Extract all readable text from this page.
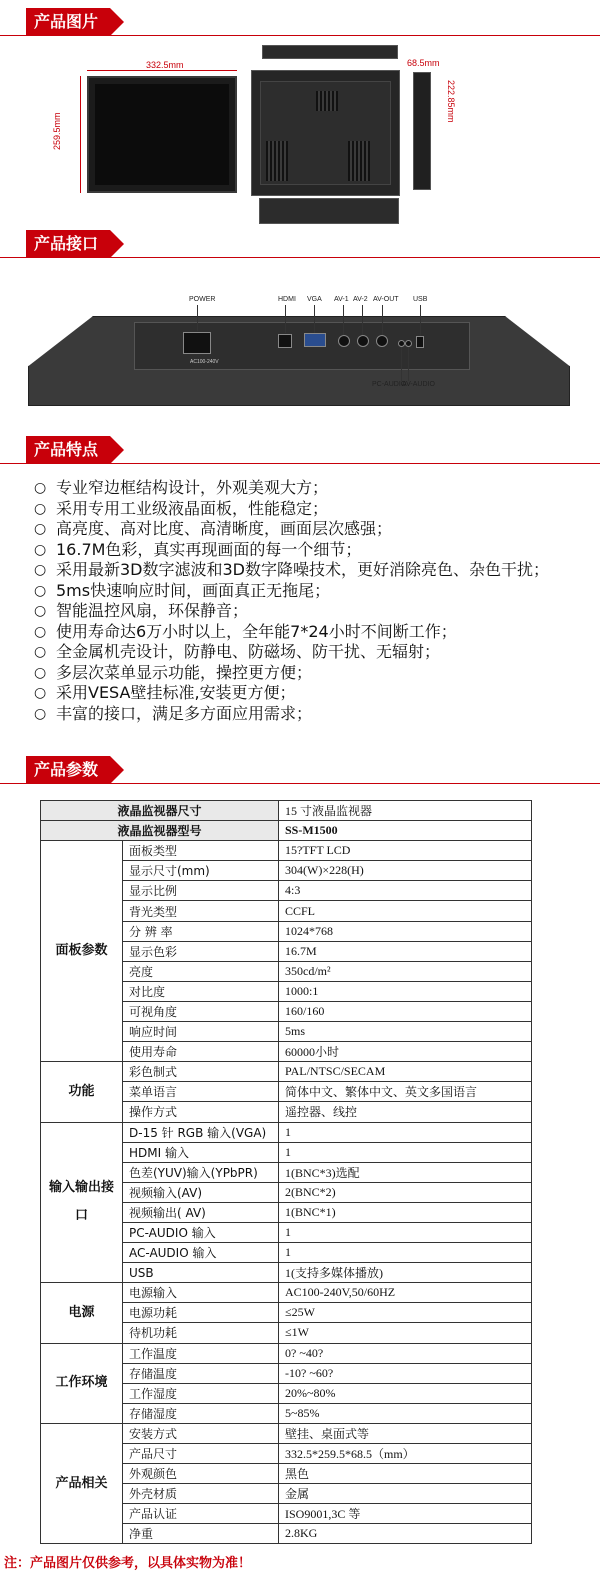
产品图片
332.5mm
259.5mm
68.5mm
222.85mm
产品接口
POWER	HDMI VGA AV-1 AV-2 AV-OUT USB
AC100-240V
PC-AUDIO
AV-AUDIO
产品特点
○ 专业窄边框结构设计，外观美观大方；
○ 采用专用工业级液晶面板，性能稳定；
○ 高亮度、高对比度、高清晰度，画面层次感强；
○ 16.7M色彩，真实再现画面的每一个细节；
○ 采用最新3D数字滤波和3D数字降噪技术，更好消除亮色、杂色干扰；
○ 5ms快速响应时间，画面真正无拖尾；
○ 智能温控风扇，环保静音；
○ 使用寿命达6万小时以上，全年能7*24小时不间断工作；
○ 全金属机壳设计，防静电、防磁场、防干扰、无辐射；
○ 多层次菜单显示功能，操控更方便；
○ 采用VESA壁挂标准,安装更方便；
○ 丰富的接口，满足多方面应用需求；
产品参数
液晶监视器尺寸		15 寸液晶监视器
液晶监视器型号		SS-M1500
面板参数	面板类型	15?TFT LCD
	显示尺寸(mm)	304(W)×228(H)
	显示比例	4:3
	背光类型	CCFL
	分 辨 率	1024*768
	显示色彩	16.7M
	亮度	350cd/m²
	对比度	1000:1
	可视角度	160/160
	响应时间	5ms
	使用寿命	60000小时
功能	彩色制式	PAL/NTSC/SECAM
	菜单语言	简体中文、繁体中文、英文多国语言
	操作方式	遥控器、线控
输入输出接口	D-15 针 RGB 输入(VGA)	1
	HDMI 输入	1
	色差(YUV)输入(YPbPR)	1(BNC*3)选配
	视频输入(AV)	2(BNC*2)
	视频输出( AV)	1(BNC*1)
	PC-AUDIO 输入	1
	AC-AUDIO 输入	1
	USB	1(支持多媒体播放)
电源	电源输入	AC100-240V,50/60HZ
	电源功耗	≤25W
	待机功耗	≤1W
工作环境	工作温度	0? ~40?
	存储温度	-10? ~60?
	工作湿度	20%~80%
	存储湿度	5~85%
产品相关	安装方式	壁挂、桌面式等
	产品尺寸	332.5*259.5*68.5（mm）
	外观颜色	黑色
	外壳材质	金属
	产品认证	ISO9001,3C 等
	净重	2.8KG
注：产品图片仅供参考，以具体实物为准！
